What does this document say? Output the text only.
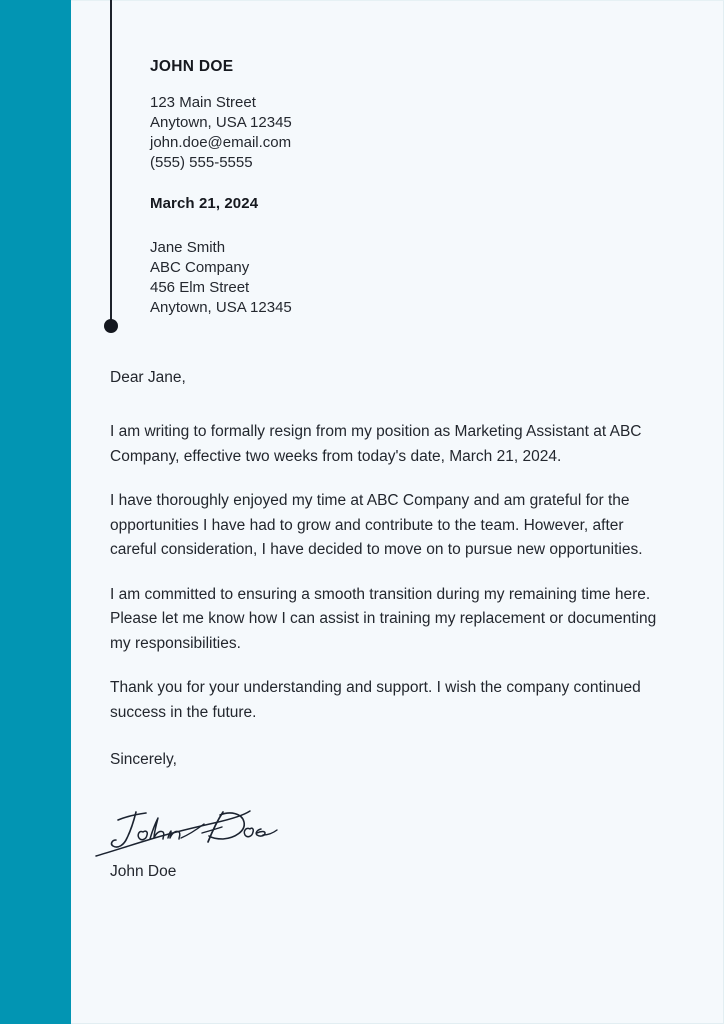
JOHN DOE
123 Main Street
Anytown, USA 12345
john.doe@email.com
(555) 555-5555
March 21, 2024
Jane Smith
ABC Company
456 Elm Street
Anytown, USA 12345

Dear Jane,

I am writing to formally resign from my position as Marketing Assistant at ABC Company, effective two weeks from today's date, March 21, 2024.

I have thoroughly enjoyed my time at ABC Company and am grateful for the opportunities I have had to grow and contribute to the team. However, after careful consideration, I have decided to move on to pursue new opportunities.

I am committed to ensuring a smooth transition during my remaining time here. Please let me know how I can assist in training my replacement or documenting my responsibilities.

Thank you for your understanding and support. I wish the company continued success in the future.

Sincerely,

John Doe
